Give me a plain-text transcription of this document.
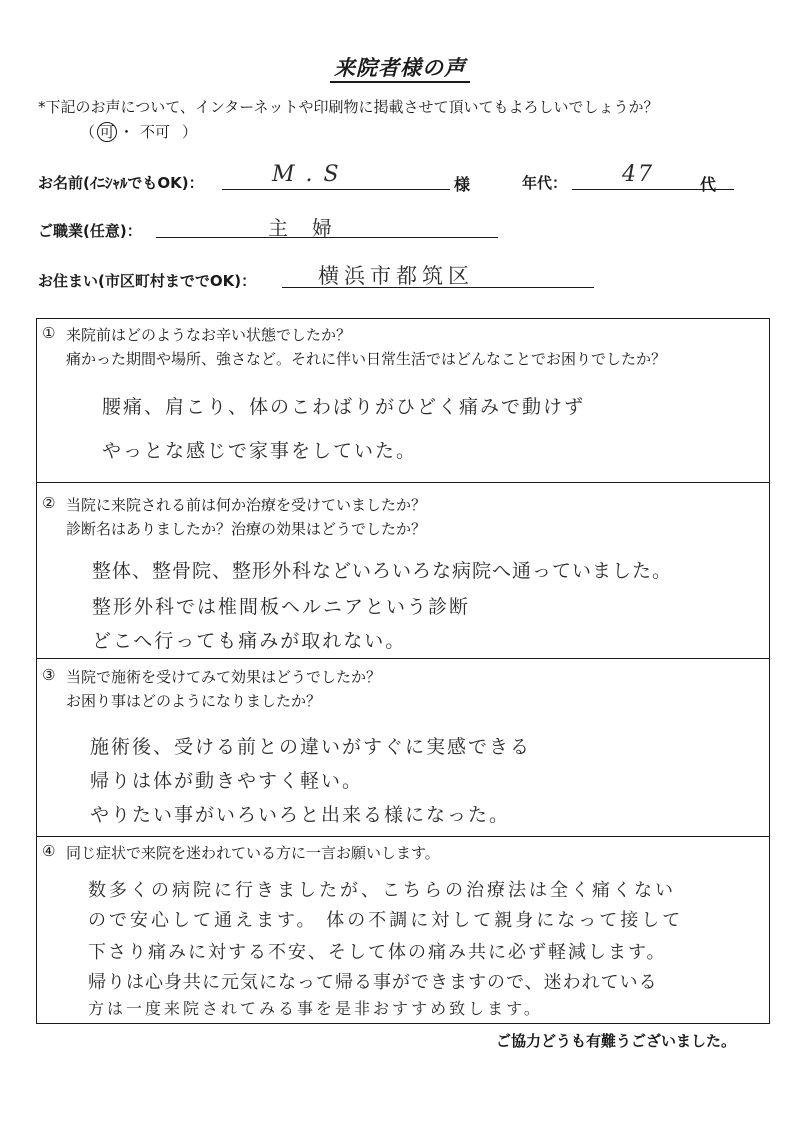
来院者様の声
*下記のお声について、インターネットや印刷物に掲載させて頂いてもよろしいでしょうか？
（ 可 ・ 不可 ）
お名前(ｲﾆｼｬﾙでもOK)：	M . S	様	年代： 47	代
ご職業(任意)：	主　婦
お住まい(市区町村まででOK)：	横浜市都筑区
① 来院前はどのようなお辛い状態でしたか？
痛かった期間や場所、強さなど。それに伴い日常生活ではどんなことでお困りでしたか？
腰痛、肩こり、体のこわばりがひどく痛みで動けず
やっとな感じで家事をしていた。
② 当院に来院される前は何か治療を受けていましたか？
診断名はありましたか？治療の効果はどうでしたか？
整体、整骨院、整形外科などいろいろな病院へ通っていました。
整形外科では椎間板ヘルニアという診断
どこへ行っても痛みが取れない。
③ 当院で施術を受けてみて効果はどうでしたか？
お困り事はどのようになりましたか？
施術後、受ける前との違いがすぐに実感できる
帰りは体が動きやすく軽い。
やりたい事がいろいろと出来る様になった。
④ 同じ症状で来院を迷われている方に一言お願いします。
数多くの病院に行きましたが、こちらの治療法は全く痛くない
ので安心して通えます。 体の不調に対して親身になって接して
下さり痛みに対する不安、そして体の痛み共に必ず軽減します。
帰りは心身共に元気になって帰る事ができますので、迷われている
方は一度来院されてみる事を是非おすすめ致します。
ご協力どうも有難うございました。
